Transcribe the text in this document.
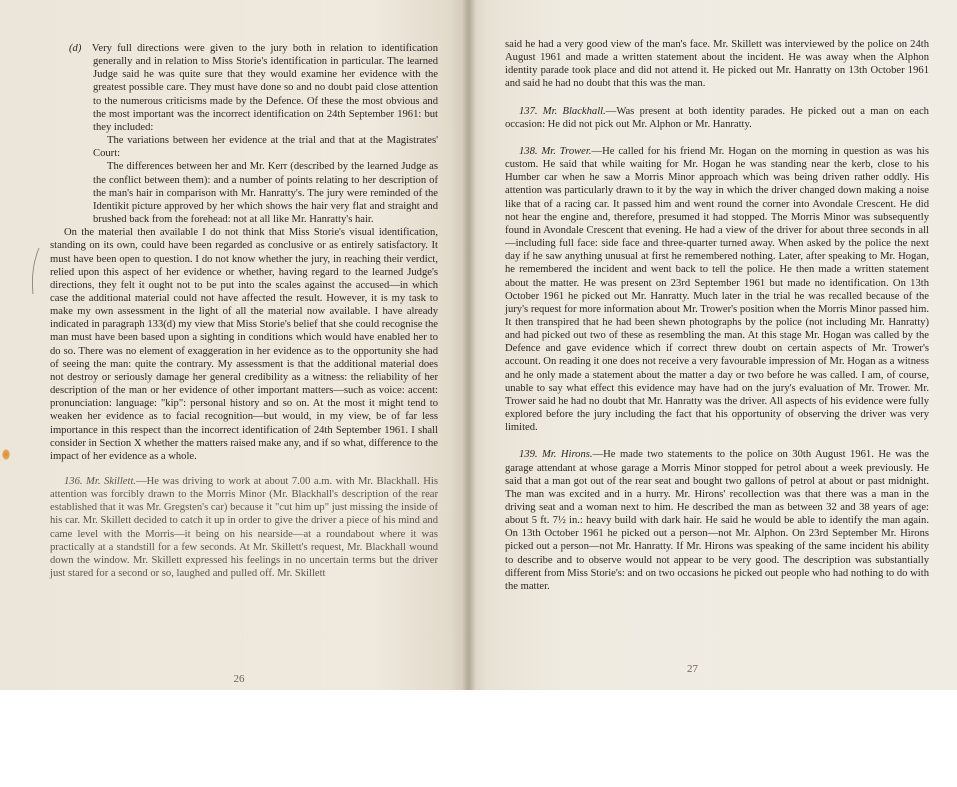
(d) Very full directions were given to the jury both in relation to identification generally and in relation to Miss Storie's identification in particular. The learned Judge said he was quite sure that they would examine her evidence with the greatest possible care. They must have done so and no doubt paid close attention to the numerous criticisms made by the Defence. Of these the most obvious and the most important was the incorrect identification on 24th September 1961: but they included:

The variations between her evidence at the trial and that at the Magistrates' Court:

The differences between her and Mr. Kerr (described by the learned Judge as the conflict between them): and a number of points relating to her description of the man's hair in comparison with Mr. Hanratty's. The jury were reminded of the Identikit picture approved by her which shows the hair very flat and straight and brushed back from the forehead: not at all like Mr. Hanratty's hair.

On the material then available I do not think that Miss Storie's visual identification, standing on its own, could have been regarded as conclusive or as entirely satisfactory. It must have been open to question. I do not know whether the jury, in reaching their verdict, relied upon this aspect of her evidence or whether, having regard to the learned Judge's directions, they felt it ought not to be put into the scales against the accused—in which case the additional material could not have affected the result. However, it is my task to make my own assessment in the light of all the material now available. I have already indicated in paragraph 133(d) my view that Miss Storie's belief that she could recognise the man must have been based upon a sighting in conditions which would have enabled her to do so. There was no element of exaggeration in her evidence as to the opportunity she had of seeing the man: quite the contrary. My assessment is that the additional material does not destroy or seriously damage her general credibility as a witness: the reliability of her description of the man or her evidence of other important matters—such as voice: accent: pronunciation: language: "kip": personal history and so on. At the most it might tend to weaken her evidence as to facial recognition—but would, in my view, be of far less importance in this respect than the incorrect identification of 24th September 1961. I shall consider in Section X whether the matters raised make any, and if so what, difference to the impact of her evidence as a whole.

136. Mr. Skillett.—He was driving to work at about 7.00 a.m. with Mr. Blackhall. His attention was forcibly drawn to the Morris Minor (Mr. Blackhall's description of the rear established that it was Mr. Gregsten's car) because it "cut him up" just missing the inside of his car. Mr. Skillett decided to catch it up in order to give the driver a piece of his mind and came level with the Morris—it being on his nearside—at a roundabout where it was practically at a standstill for a few seconds. At Mr. Skillett's request, Mr. Blackhall wound down the window. Mr. Skillett expressed his feelings in no uncertain terms but the driver just stared for a second or so, laughed and pulled off. Mr. Skillett

26

said he had a very good view of the man's face. Mr. Skillett was interviewed by the police on 24th August 1961 and made a written statement about the incident. He was away when the Alphon identity parade took place and did not attend it. He picked out Mr. Hanratty on 13th October 1961 and said he had no doubt that this was the man.

137. Mr. Blackhall.—Was present at both identity parades. He picked out a man on each occasion: He did not pick out Mr. Alphon or Mr. Hanratty.

138. Mr. Trower.—He called for his friend Mr. Hogan on the morning in question as was his custom. He said that while waiting for Mr. Hogan he was standing near the kerb, close to his Humber car when he saw a Morris Minor approach which was being driven rather oddly. His attention was particularly drawn to it by the way in which the driver changed down making a noise like that of a racing car. It passed him and went round the corner into Avondale Crescent. He did not hear the engine and, therefore, presumed it had stopped. The Morris Minor was subsequently found in Avondale Crescent that evening. He had a view of the driver for about three seconds in all—including full face: side face and three-quarter turned away. When asked by the police the next day if he saw anything unusual at first he remembered nothing. Later, after speaking to Mr. Hogan, he remembered the incident and went back to tell the police. He then made a written statement about the matter. He was present on 23rd September 1961 but made no identification. On 13th October 1961 he picked out Mr. Hanratty. Much later in the trial he was recalled because of the jury's request for more information about Mr. Trower's position when the Morris Minor passed him. It then transpired that he had been shewn photographs by the police (not including Mr. Hanratty) and had picked out two of these as resembling the man. At this stage Mr. Hogan was called by the Defence and gave evidence which if correct threw doubt on certain aspects of Mr. Trower's account. On reading it one does not receive a very favourable impression of Mr. Hogan as a witness and he only made a statement about the matter a day or two before he was called. I am, of course, unable to say what effect this evidence may have had on the jury's evaluation of Mr. Trower. Mr. Trower said he had no doubt that Mr. Hanratty was the driver. All aspects of his evidence were fully explored before the jury including the fact that his opportunity of observing the driver was very limited.

139. Mr. Hirons.—He made two statements to the police on 30th August 1961. He was the garage attendant at whose garage a Morris Minor stopped for petrol about a week previously. He said that a man got out of the rear seat and bought two gallons of petrol at about or past midnight. The man was excited and in a hurry. Mr. Hirons' recollection was that there was a man in the driving seat and a woman next to him. He described the man as between 32 and 38 years of age: about 5 ft. 7½ in.: heavy build with dark hair. He said he would be able to identify the man again. On 13th October 1961 he picked out a person—not Mr. Alphon. On 23rd September Mr. Hirons picked out a person—not Mr. Hanratty. If Mr. Hirons was speaking of the same incident his ability to describe and to observe would not appear to be very good. The description was substantially different from Miss Storie's: and on two occasions he picked out people who had nothing to do with the matter.

27
